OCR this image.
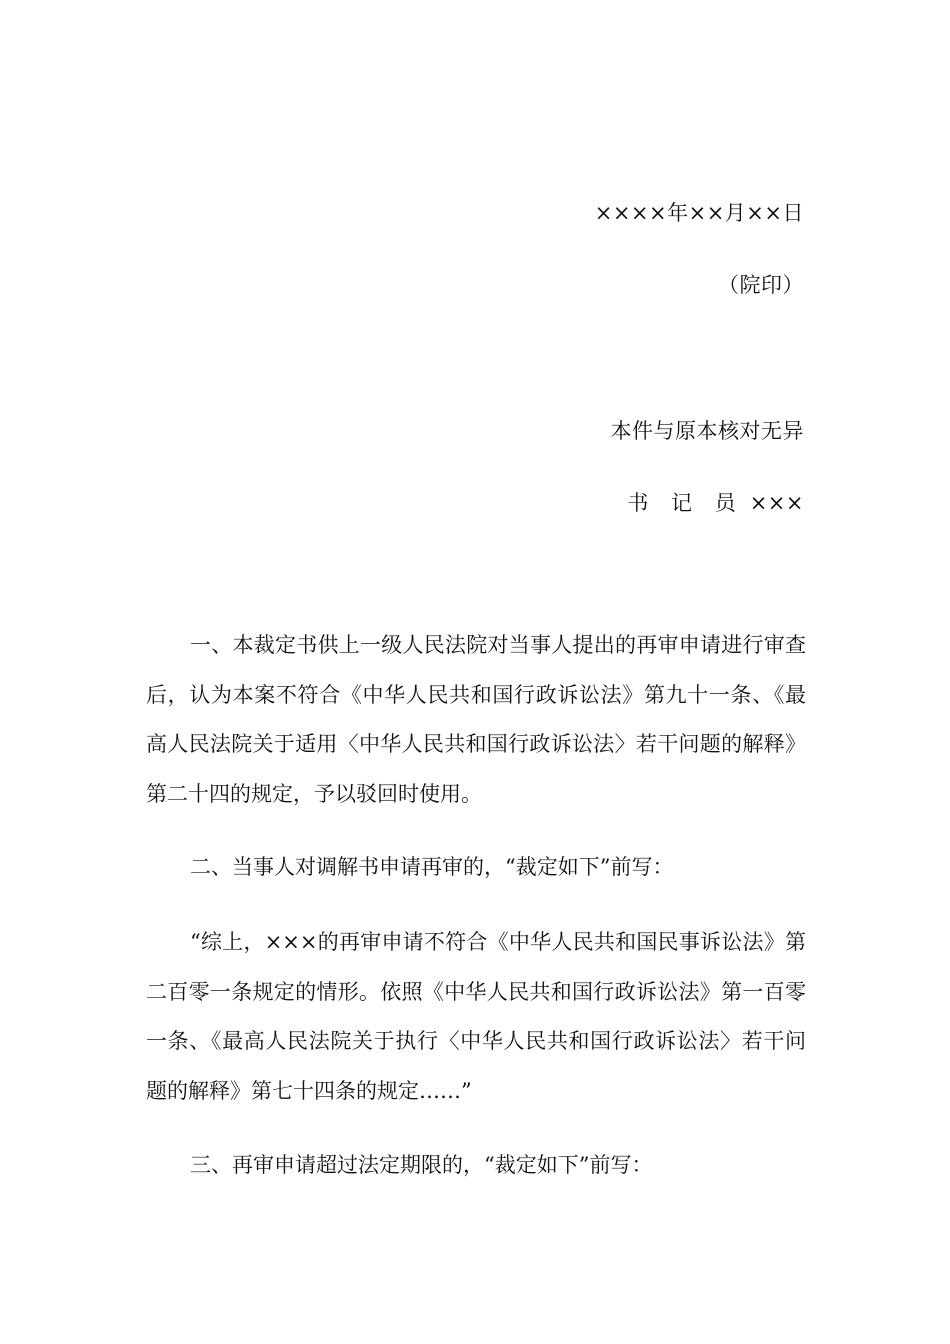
××××年××月××日
（院印）
本件与原本核对无异
书 记 员 ×××

一、本裁定书供上一级人民法院对当事人提出的再审申请进行审查后，认为本案不符合《中华人民共和国行政诉讼法》第九十一条、《最高人民法院关于适用〈中华人民共和国行政诉讼法〉若干问题的解释》第二十四的规定，予以驳回时使用。

二、当事人对调解书申请再审的，“裁定如下”前写：

“综上，×××的再审申请不符合《中华人民共和国民事诉讼法》第二百零一条规定的情形。依照《中华人民共和国行政诉讼法》第一百零一条、《最高人民法院关于执行〈中华人民共和国行政诉讼法〉若干问题的解释》第七十四条的规定……”

三、再审申请超过法定期限的，“裁定如下”前写：
